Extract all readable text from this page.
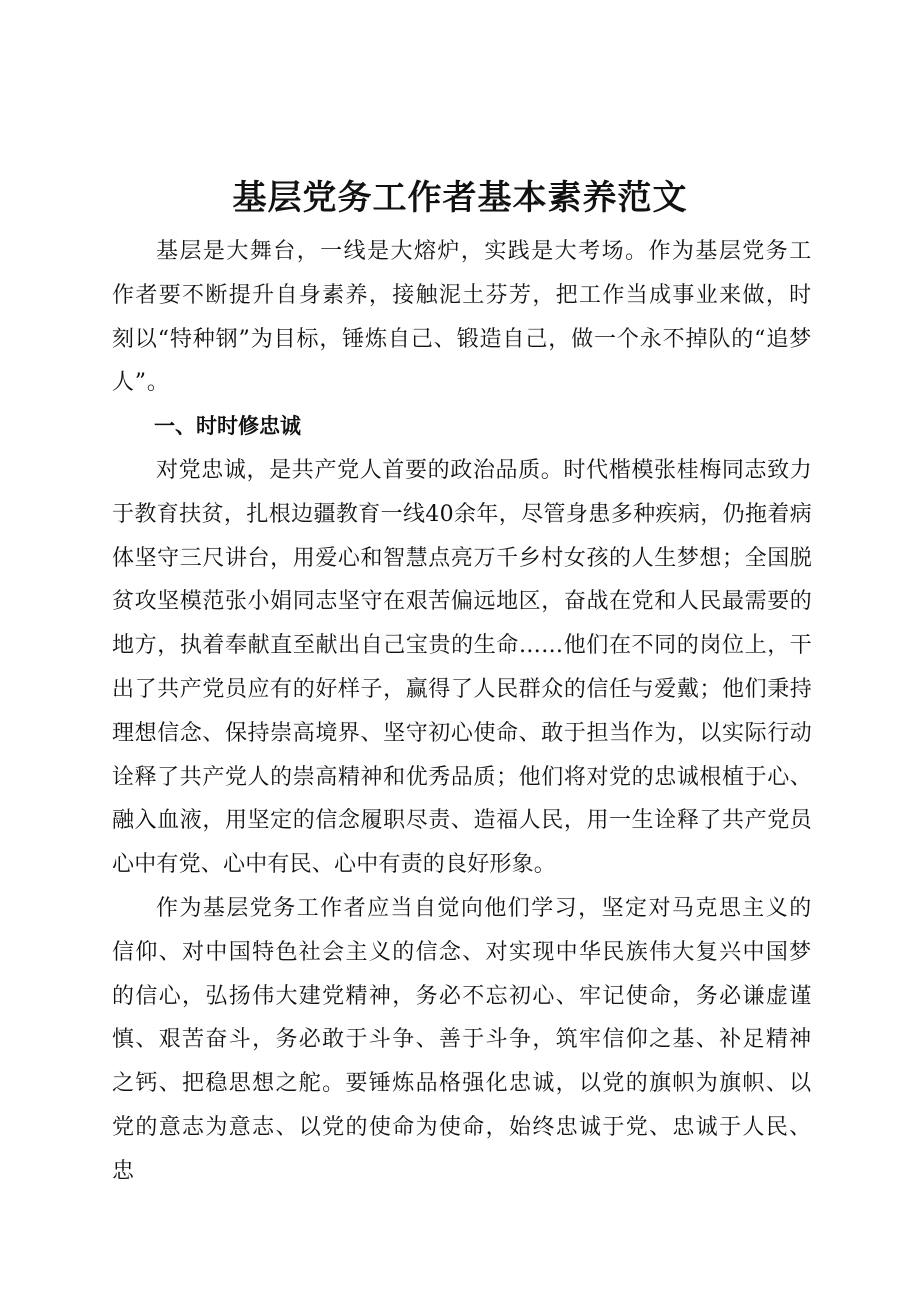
基层党务工作者基本素养范文

基层是大舞台，一线是大熔炉，实践是大考场。作为基层党务工作者要不断提升自身素养，接触泥土芬芳，把工作当成事业来做，时刻以“特种钢”为目标，锤炼自己、锻造自己，做一个永不掉队的“追梦人”。

一、时时修忠诚

对党忠诚，是共产党人首要的政治品质。时代楷模张桂梅同志致力于教育扶贫，扎根边疆教育一线40余年，尽管身患多种疾病，仍拖着病体坚守三尺讲台，用爱心和智慧点亮万千乡村女孩的人生梦想；全国脱贫攻坚模范张小娟同志坚守在艰苦偏远地区，奋战在党和人民最需要的地方，执着奉献直至献出自己宝贵的生命……他们在不同的岗位上，干出了共产党员应有的好样子，赢得了人民群众的信任与爱戴；他们秉持理想信念、保持崇高境界、坚守初心使命、敢于担当作为，以实际行动诠释了共产党人的崇高精神和优秀品质；他们将对党的忠诚根植于心、融入血液，用坚定的信念履职尽责、造福人民，用一生诠释了共产党员心中有党、心中有民、心中有责的良好形象。

作为基层党务工作者应当自觉向他们学习，坚定对马克思主义的信仰、对中国特色社会主义的信念、对实现中华民族伟大复兴中国梦的信心，弘扬伟大建党精神，务必不忘初心、牢记使命，务必谦虚谨慎、艰苦奋斗，务必敢于斗争、善于斗争，筑牢信仰之基、补足精神之钙、把稳思想之舵。要锤炼品格强化忠诚，以党的旗帜为旗帜、以党的意志为意志、以党的使命为使命，始终忠诚于党、忠诚于人民、忠
